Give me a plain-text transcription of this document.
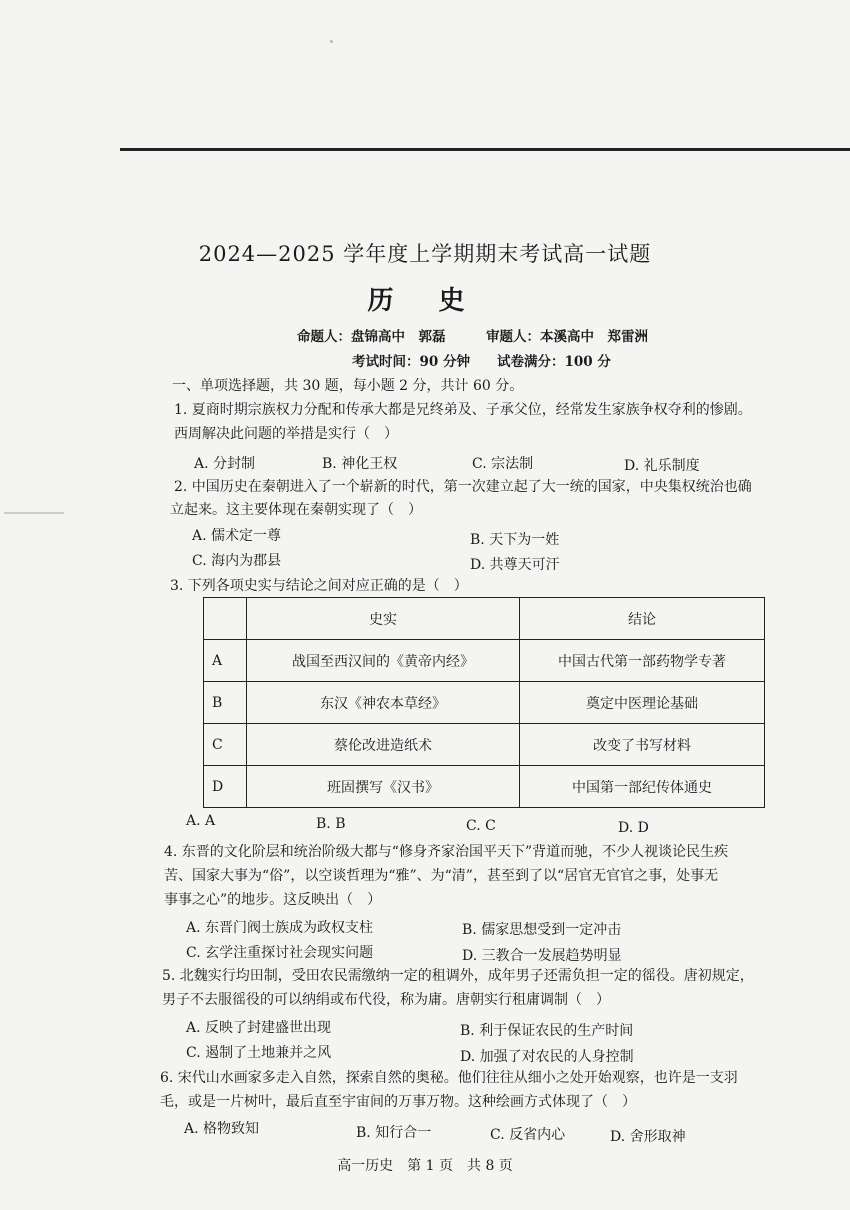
2024—2025 学年度上学期期末考试高一试题
历 史
命题人：盘锦高中　郭磊　　　审题人：本溪高中　郑雷洲
考试时间：90 分钟　　试卷满分：100 分
一、单项选择题，共 30 题，每小题 2 分，共计 60 分。
1. 夏商时期宗族权力分配和传承大都是兄终弟及、子承父位，经常发生家族争权夺利的惨剧。
西周解决此问题的举措是实行（　）
A. 分封制	B. 神化王权	C. 宗法制	D. 礼乐制度
2. 中国历史在秦朝进入了一个崭新的时代，第一次建立起了大一统的国家，中央集权统治也确
立起来。这主要体现在秦朝实现了（　）
A. 儒术定一尊	B. 天下为一姓
C. 海内为郡县	D. 共尊天可汗
3. 下列各项史实与结论之间对应正确的是（　）
	史实	结论
A	战国至西汉间的《黄帝内经》	中国古代第一部药物学专著
B	东汉《神农本草经》	奠定中医理论基础
C	蔡伦改进造纸术	改变了书写材料
D	班固撰写《汉书》	中国第一部纪传体通史
A. A	B. B	C. C	D. D
4. 东晋的文化阶层和统治阶级大都与“修身齐家治国平天下”背道而驰，不少人视谈论民生疾
苦、国家大事为“俗”，以空谈哲理为“雅”、为“清”，甚至到了以“居官无官官之事，处事无
事事之心”的地步。这反映出（　）
A. 东晋门阀士族成为政权支柱	B. 儒家思想受到一定冲击
C. 玄学注重探讨社会现实问题	D. 三教合一发展趋势明显
5. 北魏实行均田制，受田农民需缴纳一定的租调外，成年男子还需负担一定的徭役。唐初规定，
男子不去服徭役的可以纳绢或布代役，称为庸。唐朝实行租庸调制（　）
A. 反映了封建盛世出现	B. 利于保证农民的生产时间
C. 遏制了土地兼并之风	D. 加强了对农民的人身控制
6. 宋代山水画家多走入自然，探索自然的奥秘。他们往往从细小之处开始观察，也许是一支羽
毛，或是一片树叶，最后直至宇宙间的万事万物。这种绘画方式体现了（　）
A. 格物致知	B. 知行合一	C. 反省内心	D. 舍形取神
高一历史　第 1 页　共 8 页
